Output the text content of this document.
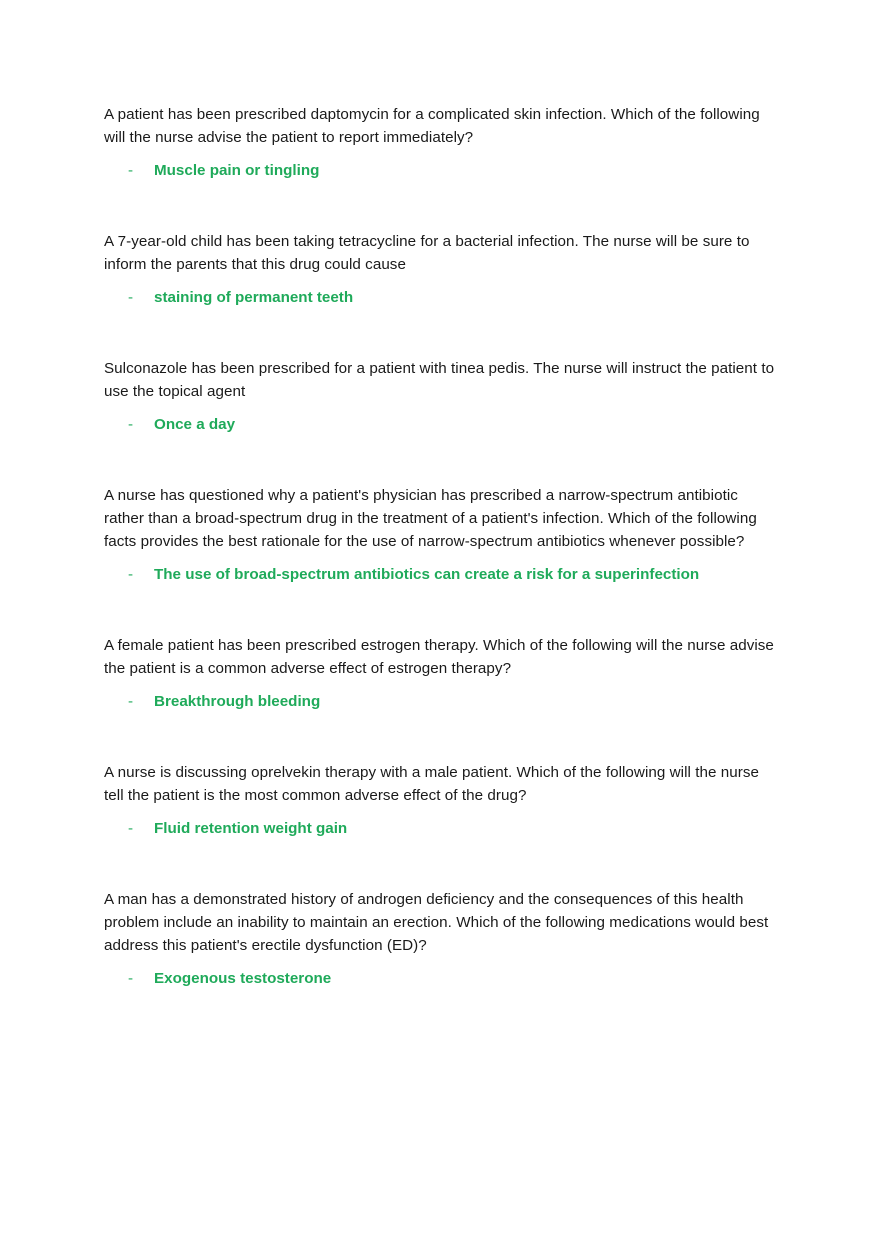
A patient has been prescribed daptomycin for a complicated skin infection. Which of the following will the nurse advise the patient to report immediately?

-	Muscle pain or tingling

A 7-year-old child has been taking tetracycline for a bacterial infection. The nurse will be sure to inform the parents that this drug could cause

-	staining of permanent teeth

Sulconazole has been prescribed for a patient with tinea pedis. The nurse will instruct the patient to use the topical agent

-	Once a day

A nurse has questioned why a patient's physician has prescribed a narrow-spectrum antibiotic rather than a broad-spectrum drug in the treatment of a patient's infection. Which of the following facts provides the best rationale for the use of narrow-spectrum antibiotics whenever possible?

-	The use of broad-spectrum antibiotics can create a risk for a superinfection

A female patient has been prescribed estrogen therapy. Which of the following will the nurse advise the patient is a common adverse effect of estrogen therapy?

-	Breakthrough bleeding

A nurse is discussing oprelvekin therapy with a male patient. Which of the following will the nurse tell the patient is the most common adverse effect of the drug?

-	Fluid retention weight gain

A man has a demonstrated history of androgen deficiency and the consequences of this health problem include an inability to maintain an erection. Which of the following medications would best address this patient's erectile dysfunction (ED)?

-	Exogenous testosterone
